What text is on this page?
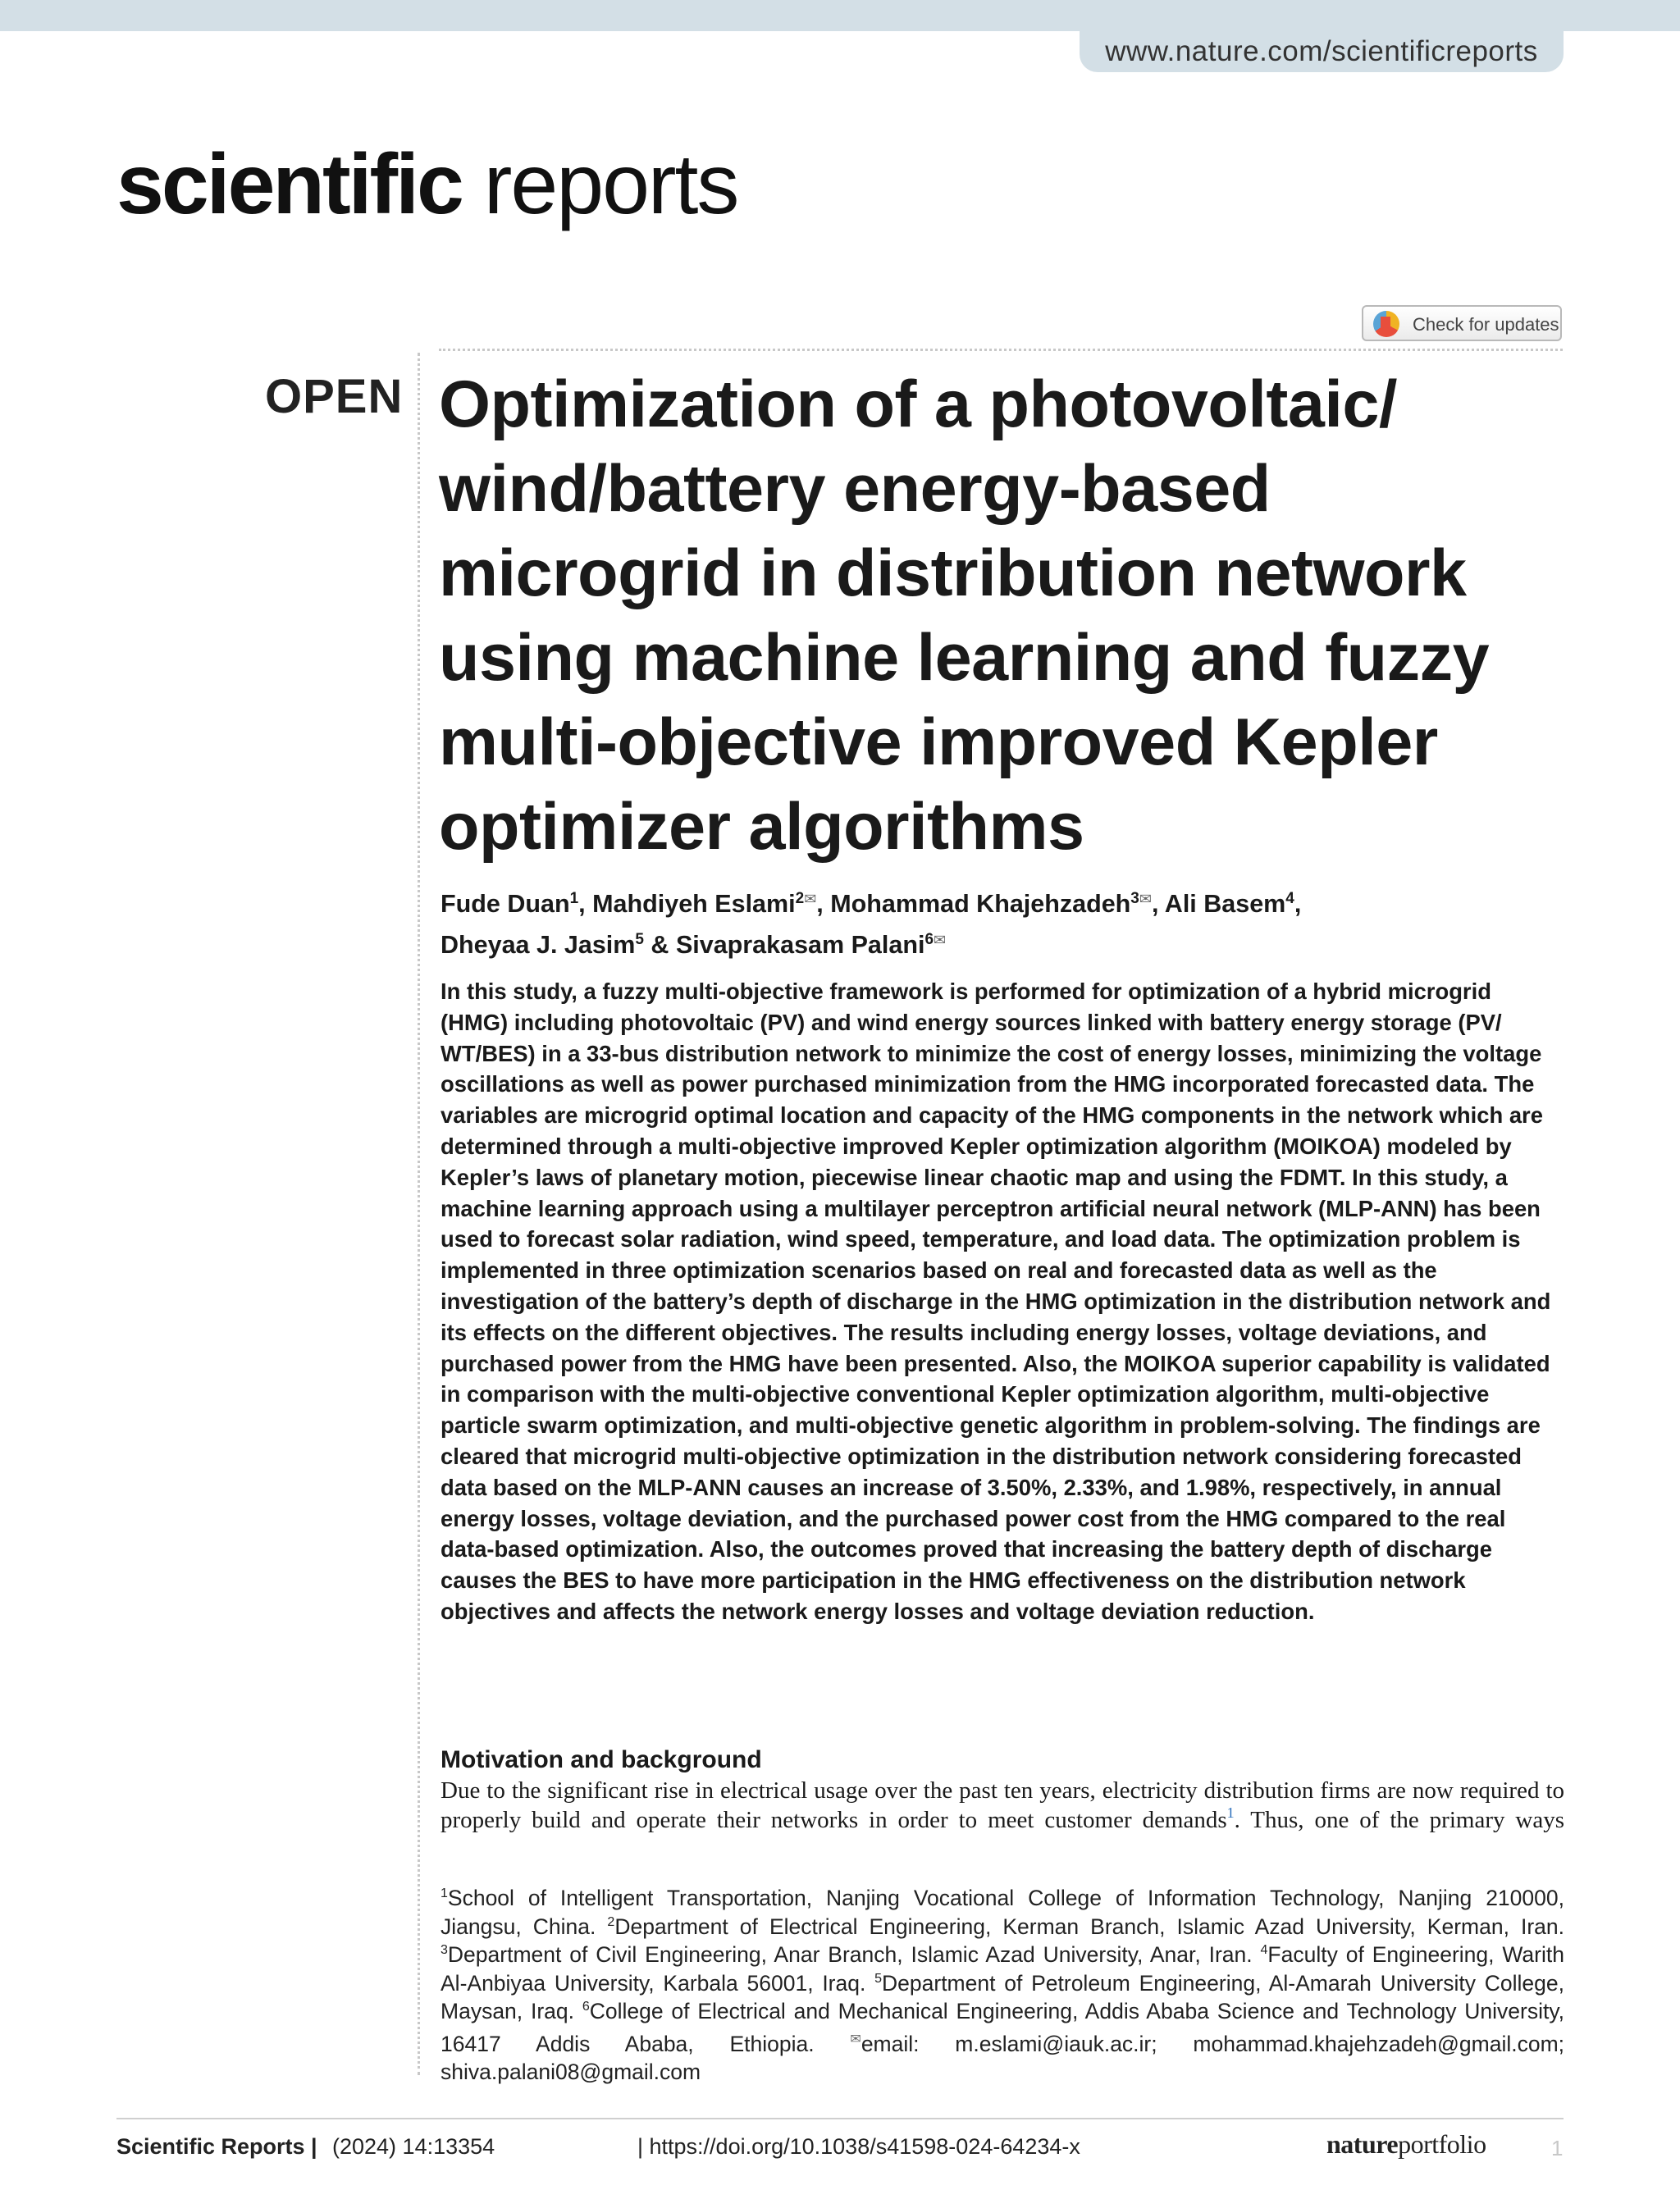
www.nature.com/scientificreports
scientific reports
Check for updates
OPEN Optimization of a photovoltaic/ wind/battery energy-based microgrid in distribution network using machine learning and fuzzy multi-objective improved Kepler optimizer algorithms
Fude Duan$^1$, Mahdiyeh Eslami$^{2✉}$, Mohammad Khajehzadeh$^{3✉}$, Ali Basem$^4$,
Dheyaa J. Jasim$^5$ & Sivaprakasam Palani$^{6✉}$

In this study, a fuzzy multi-objective framework is performed for optimization of a hybrid microgrid (HMG) including photovoltaic (PV) and wind energy sources linked with battery energy storage (PV/ WT/BES) in a 33-bus distribution network to minimize the cost of energy losses, minimizing the voltage oscillations as well as power purchased minimization from the HMG incorporated forecasted data. The variables are microgrid optimal location and capacity of the HMG components in the network which are determined through a multi-objective improved Kepler optimization algorithm (MOIKOA) modeled by Kepler’s laws of planetary motion, piecewise linear chaotic map and using the FDMT. In this study, a machine learning approach using a multilayer perceptron artificial neural network (MLP-ANN) has been used to forecast solar radiation, wind speed, temperature, and load data. The optimization problem is implemented in three optimization scenarios based on real and forecasted data as well as the investigation of the battery’s depth of discharge in the HMG optimization in the distribution network and its effects on the different objectives. The results including energy losses, voltage deviations, and purchased power from the HMG have been presented. Also, the MOIKOA superior capability is validated in comparison with the multi-objective conventional Kepler optimization algorithm, multi-objective particle swarm optimization, and multi-objective genetic algorithm in problem-solving. The findings are cleared that microgrid multi-objective optimization in the distribution network considering forecasted data based on the MLP-ANN causes an increase of 3.50%, 2.33%, and 1.98%, respectively, in annual energy losses, voltage deviation, and the purchased power cost from the HMG compared to the real data-based optimization. Also, the outcomes proved that increasing the battery depth of discharge causes the BES to have more participation in the HMG effectiveness on the distribution network objectives and affects the network energy losses and voltage deviation reduction.

Motivation and background

Due to the significant rise in electrical usage over the past ten years, electricity distribution firms are now required to properly build and operate their networks in order to meet customer demands$^1$. Thus, one of the primary ways

$^1$School of Intelligent Transportation, Nanjing Vocational College of Information Technology, Nanjing 210000, Jiangsu, China. $^2$Department of Electrical Engineering, Kerman Branch, Islamic Azad University, Kerman, Iran. $^3$Department of Civil Engineering, Anar Branch, Islamic Azad University, Anar, Iran. $^4$Faculty of Engineering, Warith Al-Anbiyaa University, Karbala 56001, Iraq. $^5$Department of Petroleum Engineering, Al-Amarah University College, Maysan, Iraq. $^6$College of Electrical and Mechanical Engineering, Addis Ababa Science and Technology University, 16417 Addis Ababa, Ethiopia. ✉email: m.eslami@iauk.ac.ir; mohammad.khajehzadeh@gmail.com; shiva.palani08@gmail.com

Scientific Reports | (2024) 14:13354	| https://doi.org/10.1038/s41598-024-64234-x	natureportfolio	1
